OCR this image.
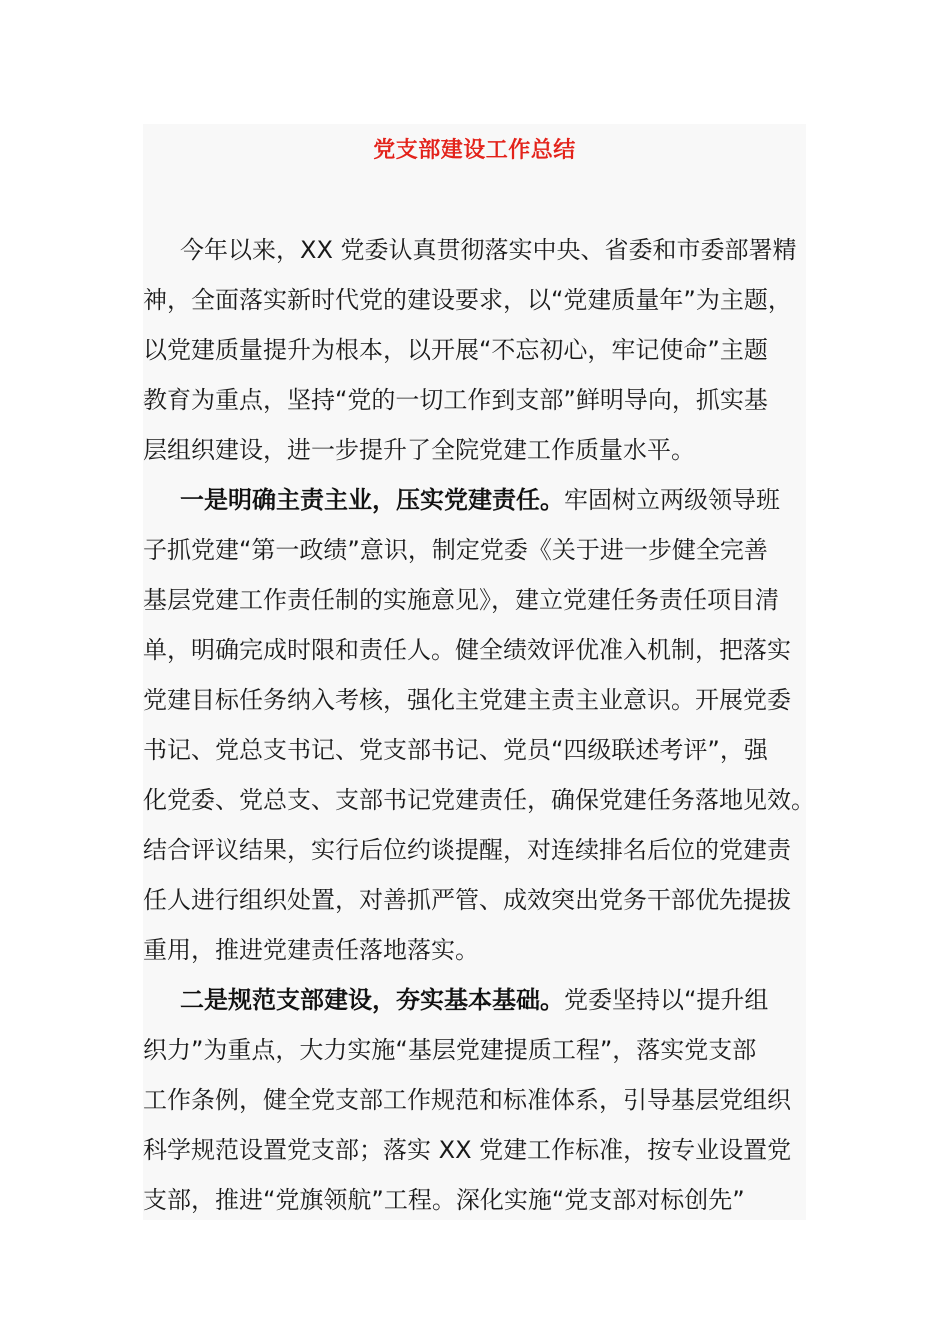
党支部建设工作总结
今年以来，XX 党委认真贯彻落实中央、省委和市委部署精
神，全面落实新时代党的建设要求，以“党建质量年”为主题，
以党建质量提升为根本，以开展“不忘初心，牢记使命”主题
教育为重点，坚持“党的一切工作到支部”鲜明导向，抓实基
层组织建设，进一步提升了全院党建工作质量水平。
一是明确主责主业，压实党建责任。牢固树立两级领导班
子抓党建“第一政绩”意识，制定党委《关于进一步健全完善
基层党建工作责任制的实施意见》，建立党建任务责任项目清
单，明确完成时限和责任人。健全绩效评优准入机制，把落实
党建目标任务纳入考核，强化主党建主责主业意识。开展党委
书记、党总支书记、党支部书记、党员“四级联述考评”，强
化党委、党总支、支部书记党建责任，确保党建任务落地见效。
结合评议结果，实行后位约谈提醒，对连续排名后位的党建责
任人进行组织处置，对善抓严管、成效突出党务干部优先提拔
重用，推进党建责任落地落实。
二是规范支部建设，夯实基本基础。党委坚持以“提升组
织力”为重点，大力实施“基层党建提质工程”，落实党支部
工作条例，健全党支部工作规范和标准体系，引导基层党组织
科学规范设置党支部；落实 XX 党建工作标准，按专业设置党
支部，推进“党旗领航”工程。深化实施“党支部对标创先”
